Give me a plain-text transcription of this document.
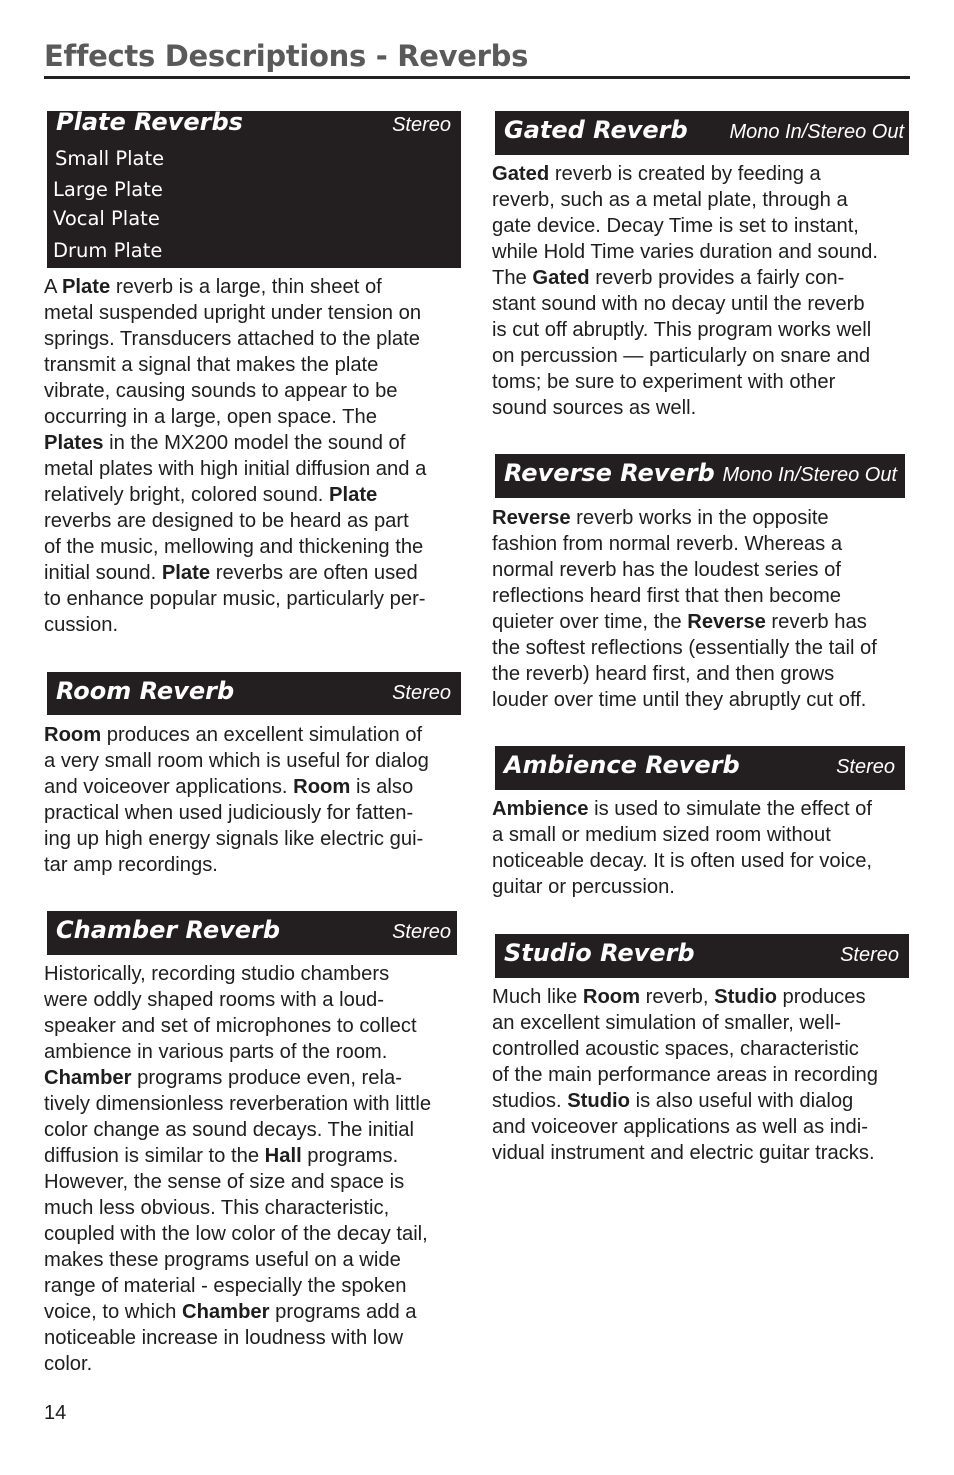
Effects Descriptions - Reverbs
Plate Reverbs	Stereo
Small Plate
Large Plate
Vocal Plate
Drum Plate
A Plate reverb is a large, thin sheet of
metal suspended upright under tension on
springs. Transducers attached to the plate
transmit a signal that makes the plate
vibrate, causing sounds to appear to be
occurring in a large, open space. The
Plates in the MX200 model the sound of
metal plates with high initial diffusion and a
relatively bright, colored sound. Plate
reverbs are designed to be heard as part
of the music, mellowing and thickening the
initial sound. Plate reverbs are often used
to enhance popular music, particularly per-
cussion.
Room Reverb	Stereo
Room produces an excellent simulation of
a very small room which is useful for dialog
and voiceover applications. Room is also
practical when used judiciously for fatten-
ing up high energy signals like electric gui-
tar amp recordings.
Chamber Reverb	Stereo
Historically, recording studio chambers
were oddly shaped rooms with a loud-
speaker and set of microphones to collect
ambience in various parts of the room.
Chamber programs produce even, rela-
tively dimensionless reverberation with little
color change as sound decays. The initial
diffusion is similar to the Hall programs.
However, the sense of size and space is
much less obvious. This characteristic,
coupled with the low color of the decay tail,
makes these programs useful on a wide
range of material - especially the spoken
voice, to which Chamber programs add a
noticeable increase in loudness with low
color.
Gated Reverb Mono In/Stereo Out
Gated reverb is created by feeding a
reverb, such as a metal plate, through a
gate device. Decay Time is set to instant,
while Hold Time varies duration and sound.
The Gated reverb provides a fairly con-
stant sound with no decay until the reverb
is cut off abruptly. This program works well
on percussion — particularly on snare and
toms; be sure to experiment with other
sound sources as well.
Reverse Reverb Mono In/Stereo Out
Reverse reverb works in the opposite
fashion from normal reverb. Whereas a
normal reverb has the loudest series of
reflections heard first that then become
quieter over time, the Reverse reverb has
the softest reflections (essentially the tail of
the reverb) heard first, and then grows
louder over time until they abruptly cut off.
Ambience Reverb	Stereo
Ambience is used to simulate the effect of
a small or medium sized room without
noticeable decay. It is often used for voice,
guitar or percussion.
Studio Reverb	Stereo
Much like Room reverb, Studio produces
an excellent simulation of smaller, well-
controlled acoustic spaces, characteristic
of the main performance areas in recording
studios. Studio is also useful with dialog
and voiceover applications as well as indi-
vidual instrument and electric guitar tracks.
14
